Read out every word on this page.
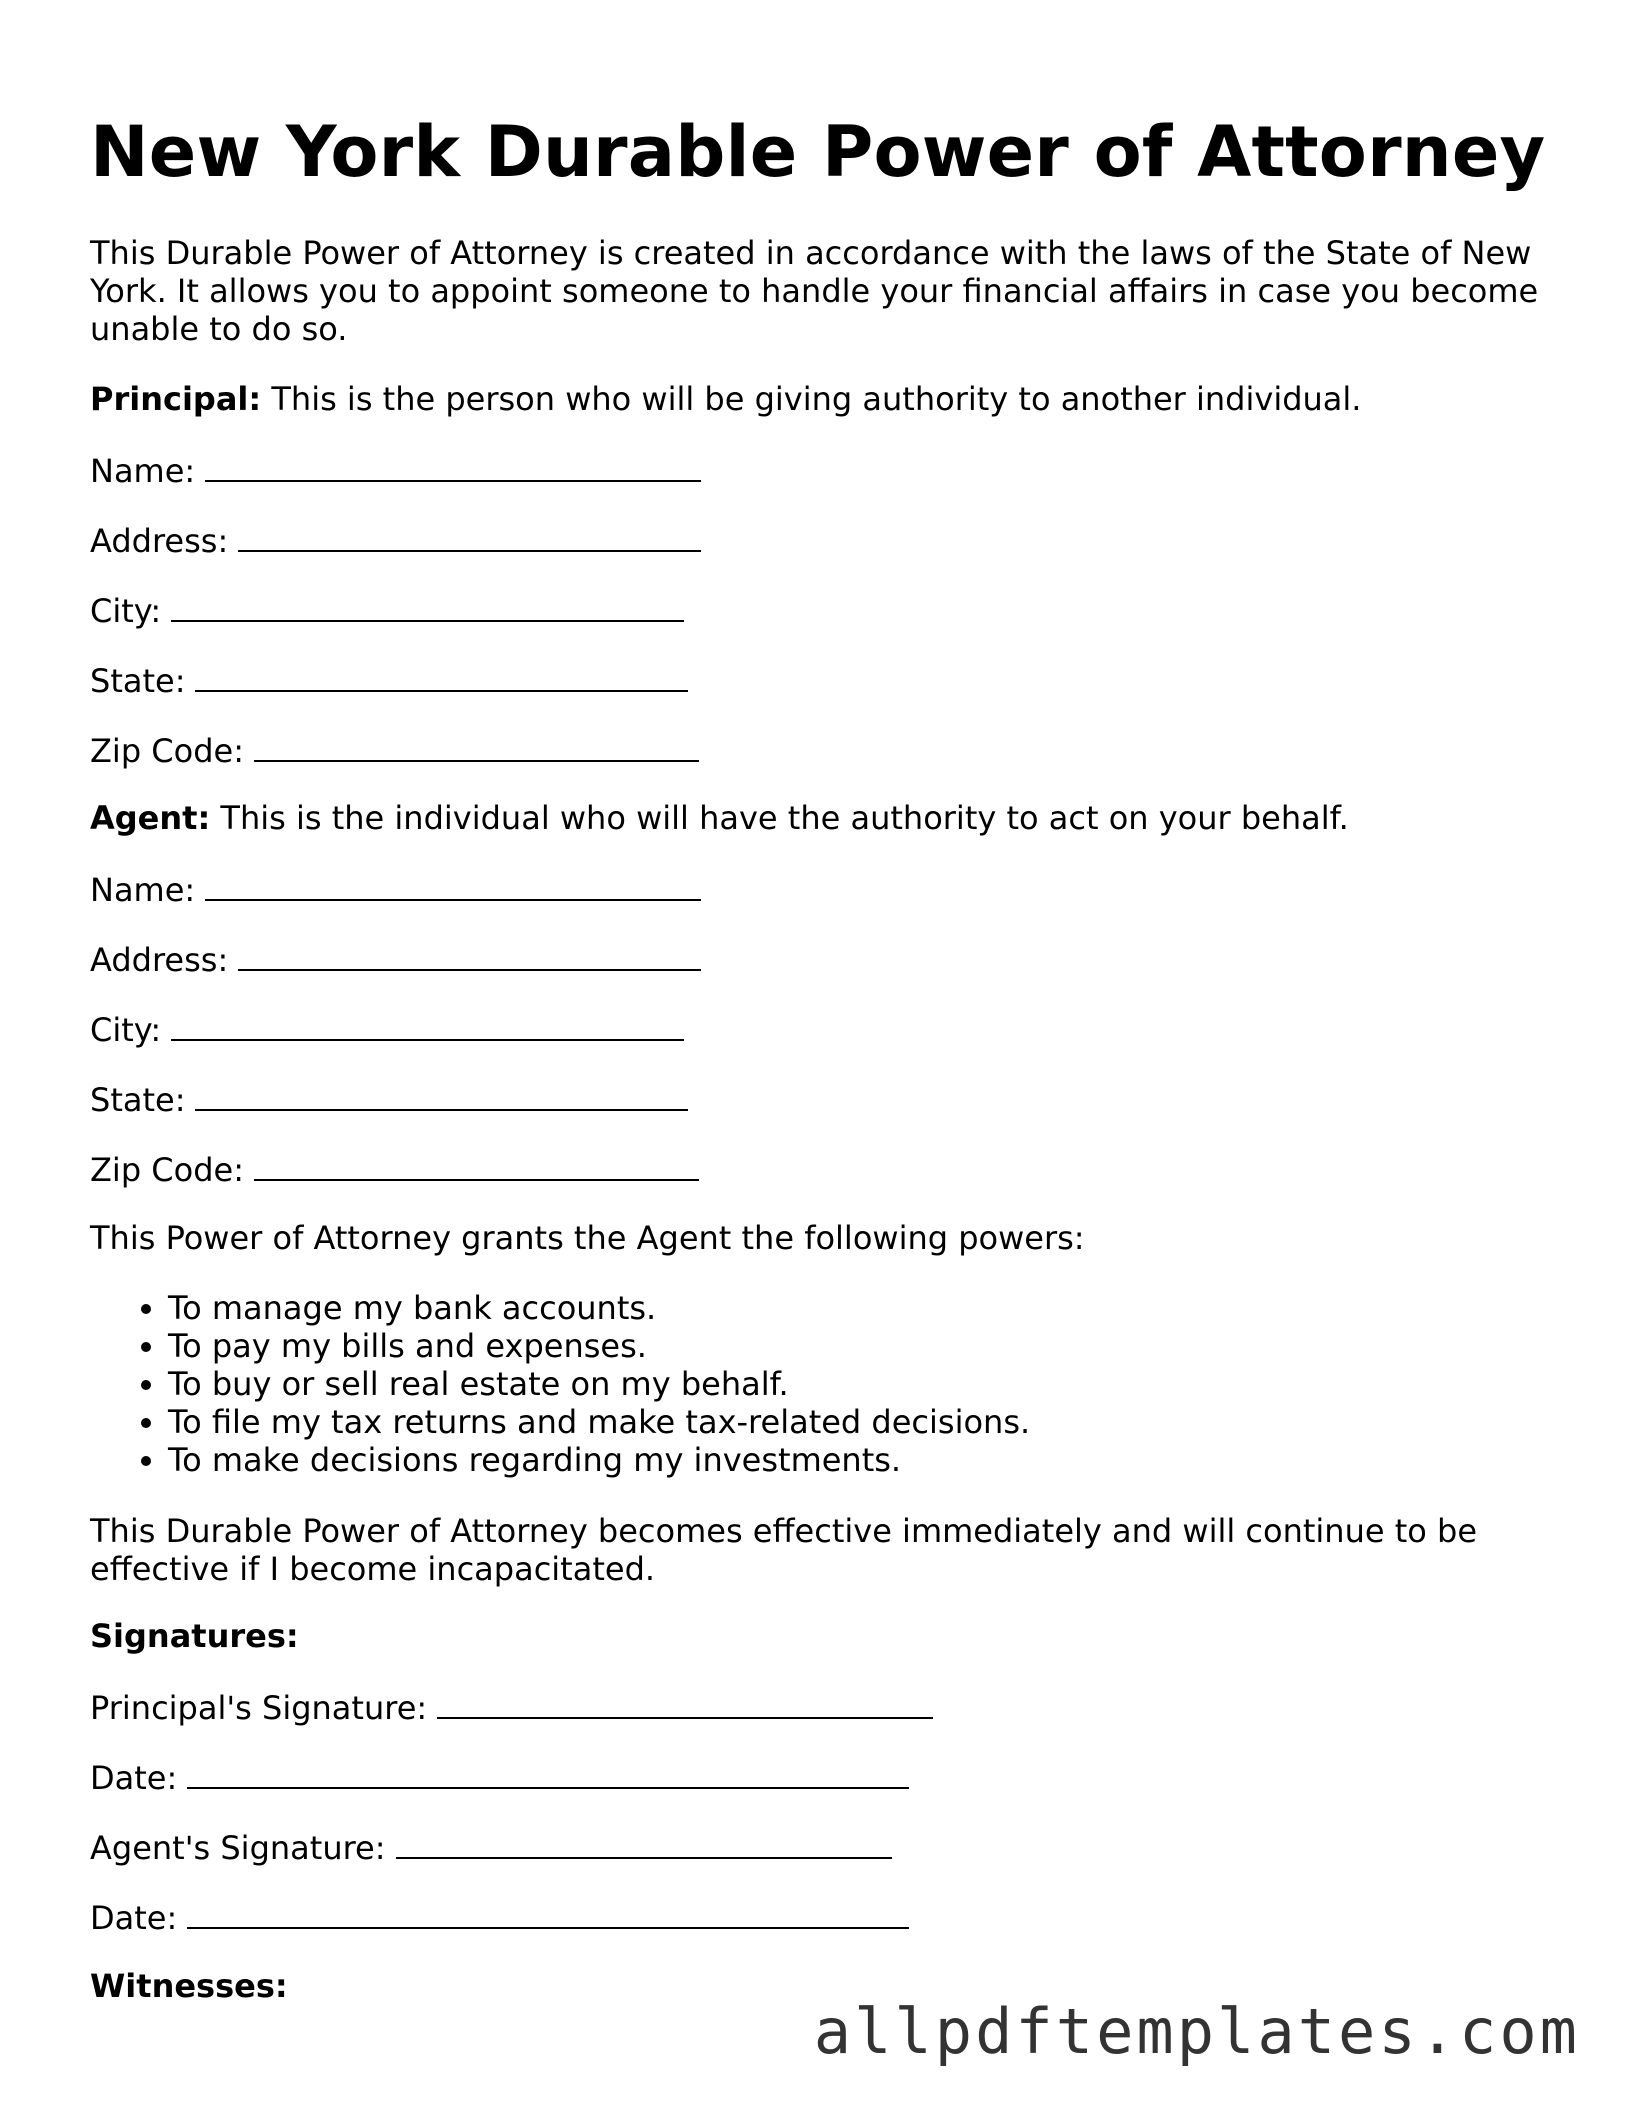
New York Durable Power of Attorney
This Durable Power of Attorney is created in accordance with the laws of the State of New York. It allows you to appoint someone to handle your financial affairs in case you become unable to do so.
Principal: This is the person who will be giving authority to another individual.
Name:
Address:
City:
State:
Zip Code:
Agent: This is the individual who will have the authority to act on your behalf.
Name:
Address:
City:
State:
Zip Code:
This Power of Attorney grants the Agent the following powers:
• To manage my bank accounts.
• To pay my bills and expenses.
• To buy or sell real estate on my behalf.
• To file my tax returns and make tax-related decisions.
• To make decisions regarding my investments.
This Durable Power of Attorney becomes effective immediately and will continue to be effective if I become incapacitated.
Signatures:
Principal's Signature:
Date:
Agent's Signature:
Date:
Witnesses:
allpdftemplates.com
